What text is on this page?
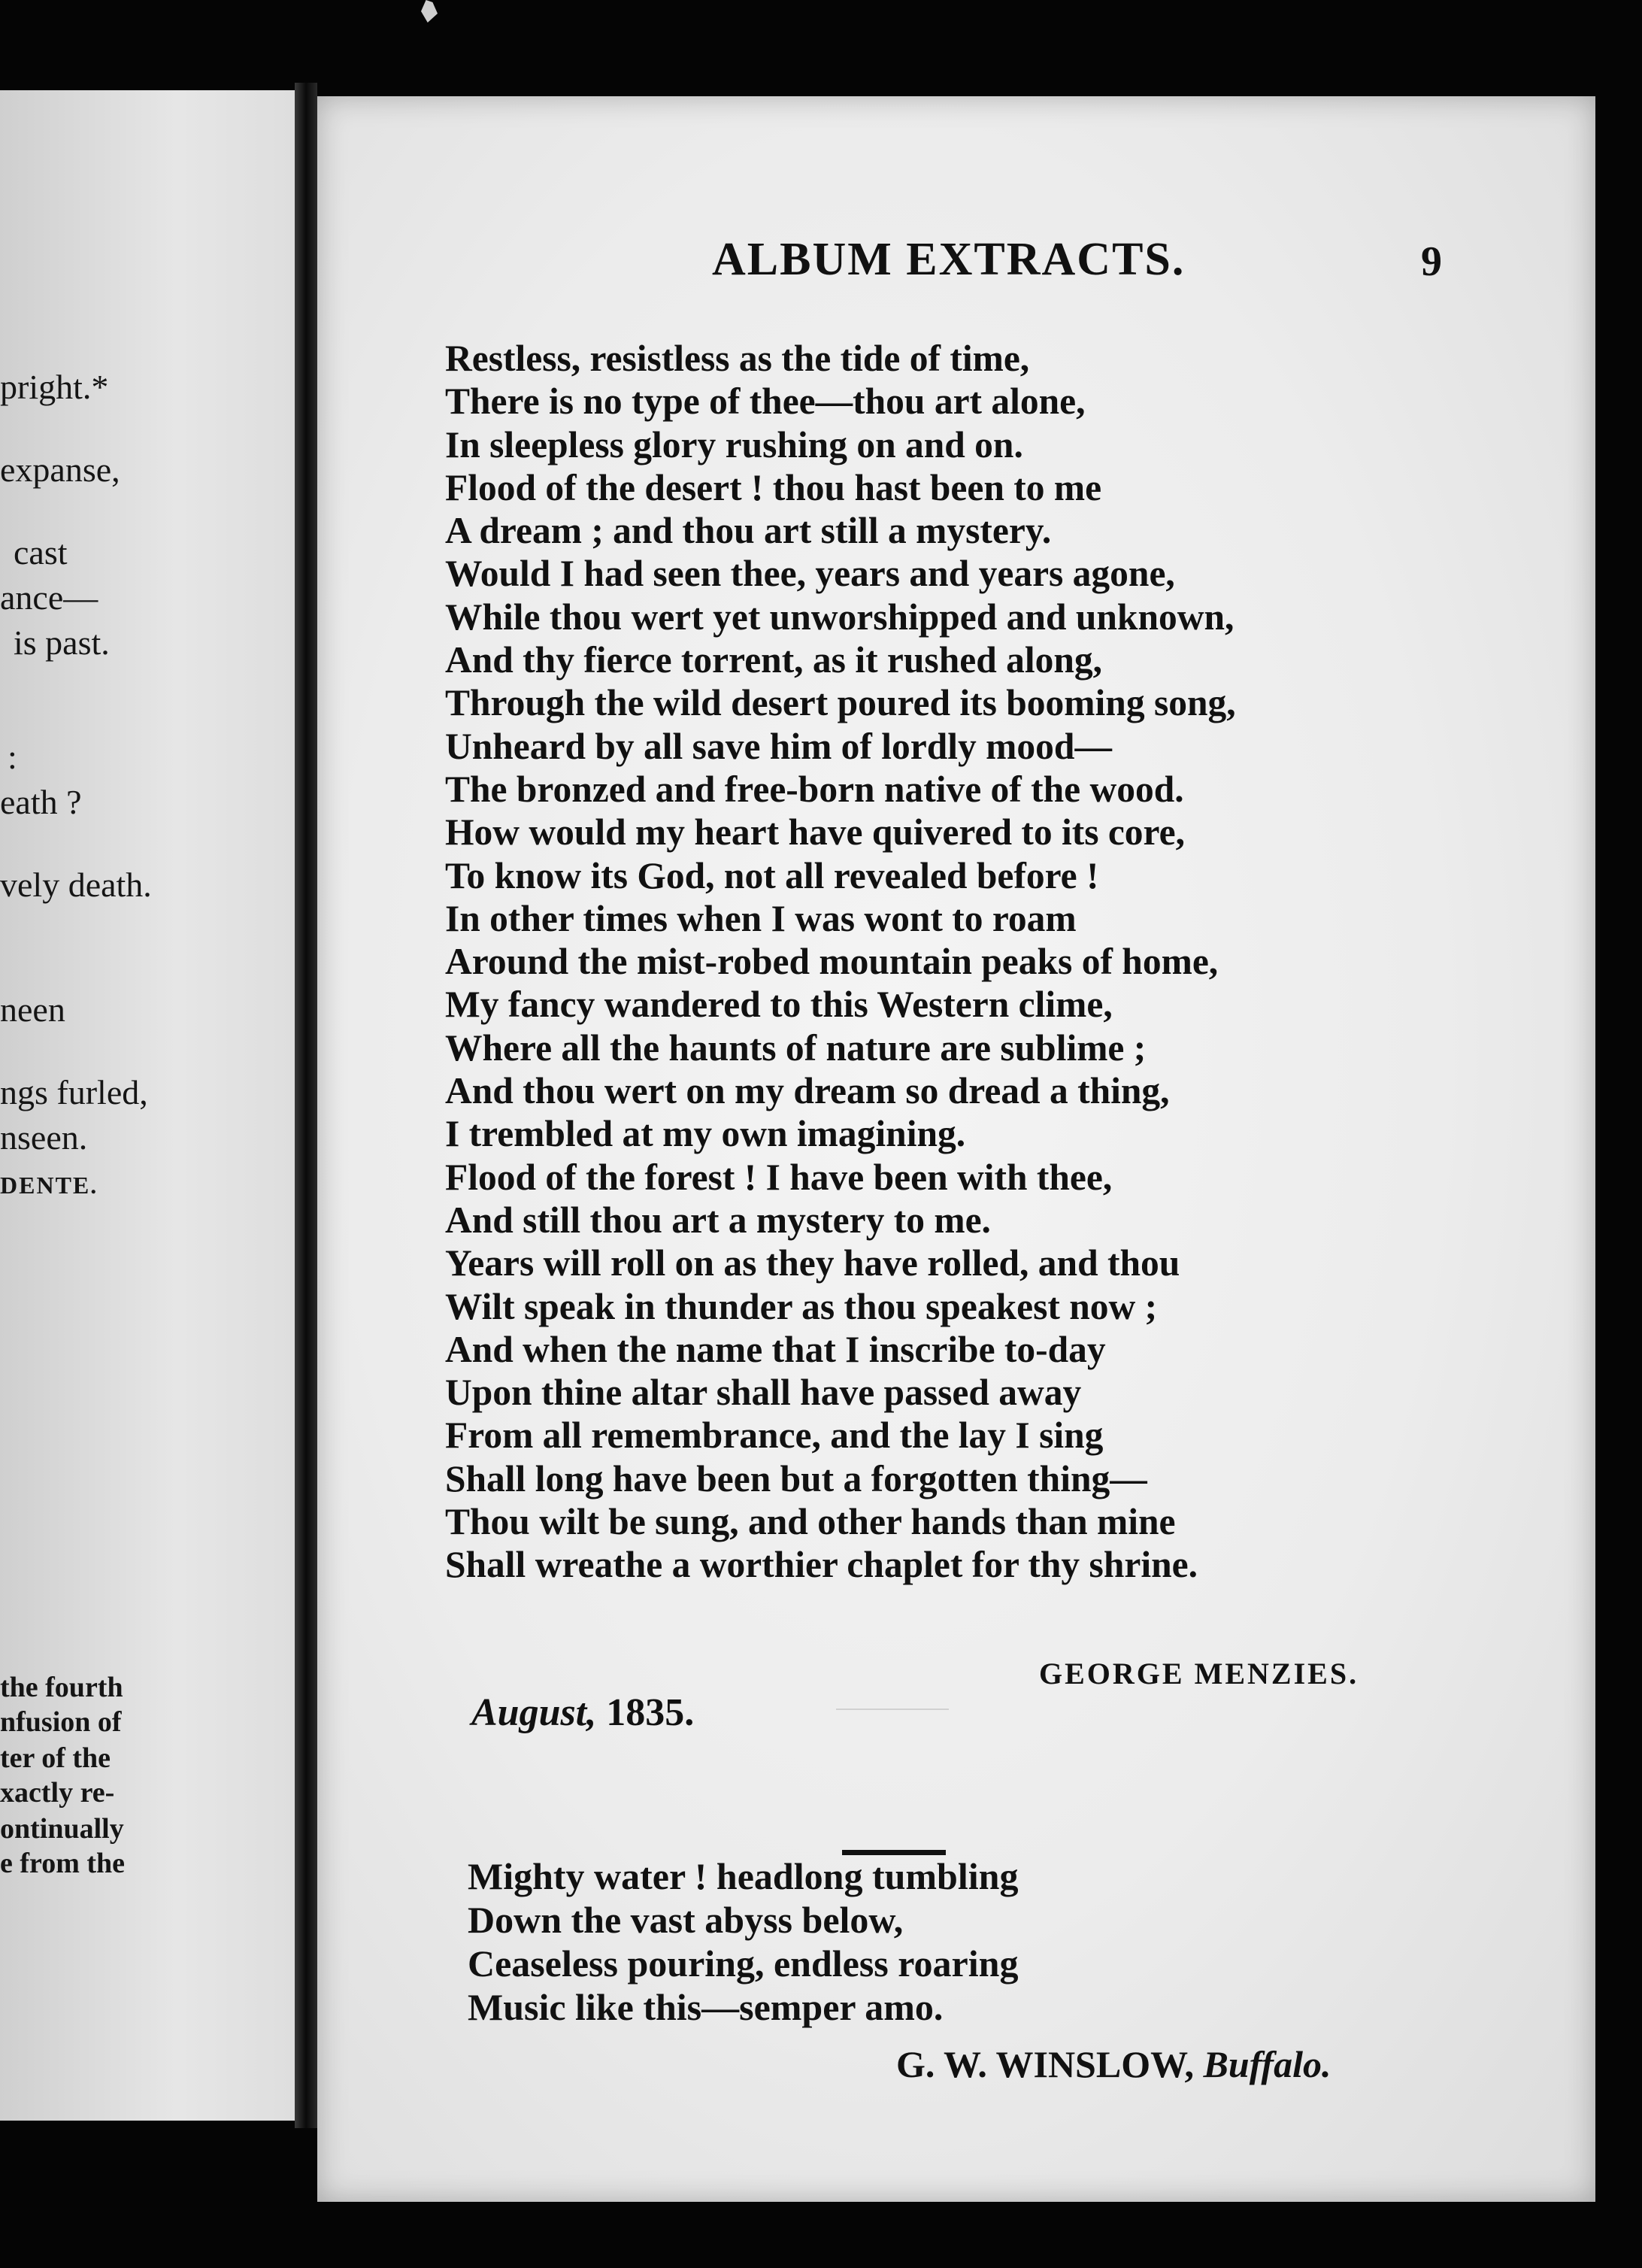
pright.*
expanse,
cast
ance—
is past.
:
eath ?
vely death.
neen
ngs furled,
nseen.
DENTE.
the fourth
nfusion of
ter of the
xactly re-
ontinually
e from the
ALBUM EXTRACTS.	9
Restless, resistless as the tide of time,
There is no type of thee—thou art alone,
In sleepless glory rushing on and on.
Flood of the desert ! thou hast been to me
A dream ; and thou art still a mystery.
Would I had seen thee, years and years agone,
While thou wert yet unworshipped and unknown,
And thy fierce torrent, as it rushed along,
Through the wild desert poured its booming song,
Unheard by all save him of lordly mood—
The bronzed and free-born native of the wood.
How would my heart have quivered to its core,
To know its God, not all revealed before !
In other times when I was wont to roam
Around the mist-robed mountain peaks of home,
My fancy wandered to this Western clime,
Where all the haunts of nature are sublime ;
And thou wert on my dream so dread a thing,
I trembled at my own imagining.
Flood of the forest ! I have been with thee,
And still thou art a mystery to me.
Years will roll on as they have rolled, and thou
Wilt speak in thunder as thou speakest now ;
And when the name that I inscribe to-day
Upon thine altar shall have passed away
From all remembrance, and the lay I sing
Shall long have been but a forgotten thing—
Thou wilt be sung, and other hands than mine
Shall wreathe a worthier chaplet for thy shrine.
GEORGE MENZIES.
August, 1835.
Mighty water ! headlong tumbling
Down the vast abyss below,
Ceaseless pouring, endless roaring
Music like this—semper amo.
G. W. WINSLOW, Buffalo.
